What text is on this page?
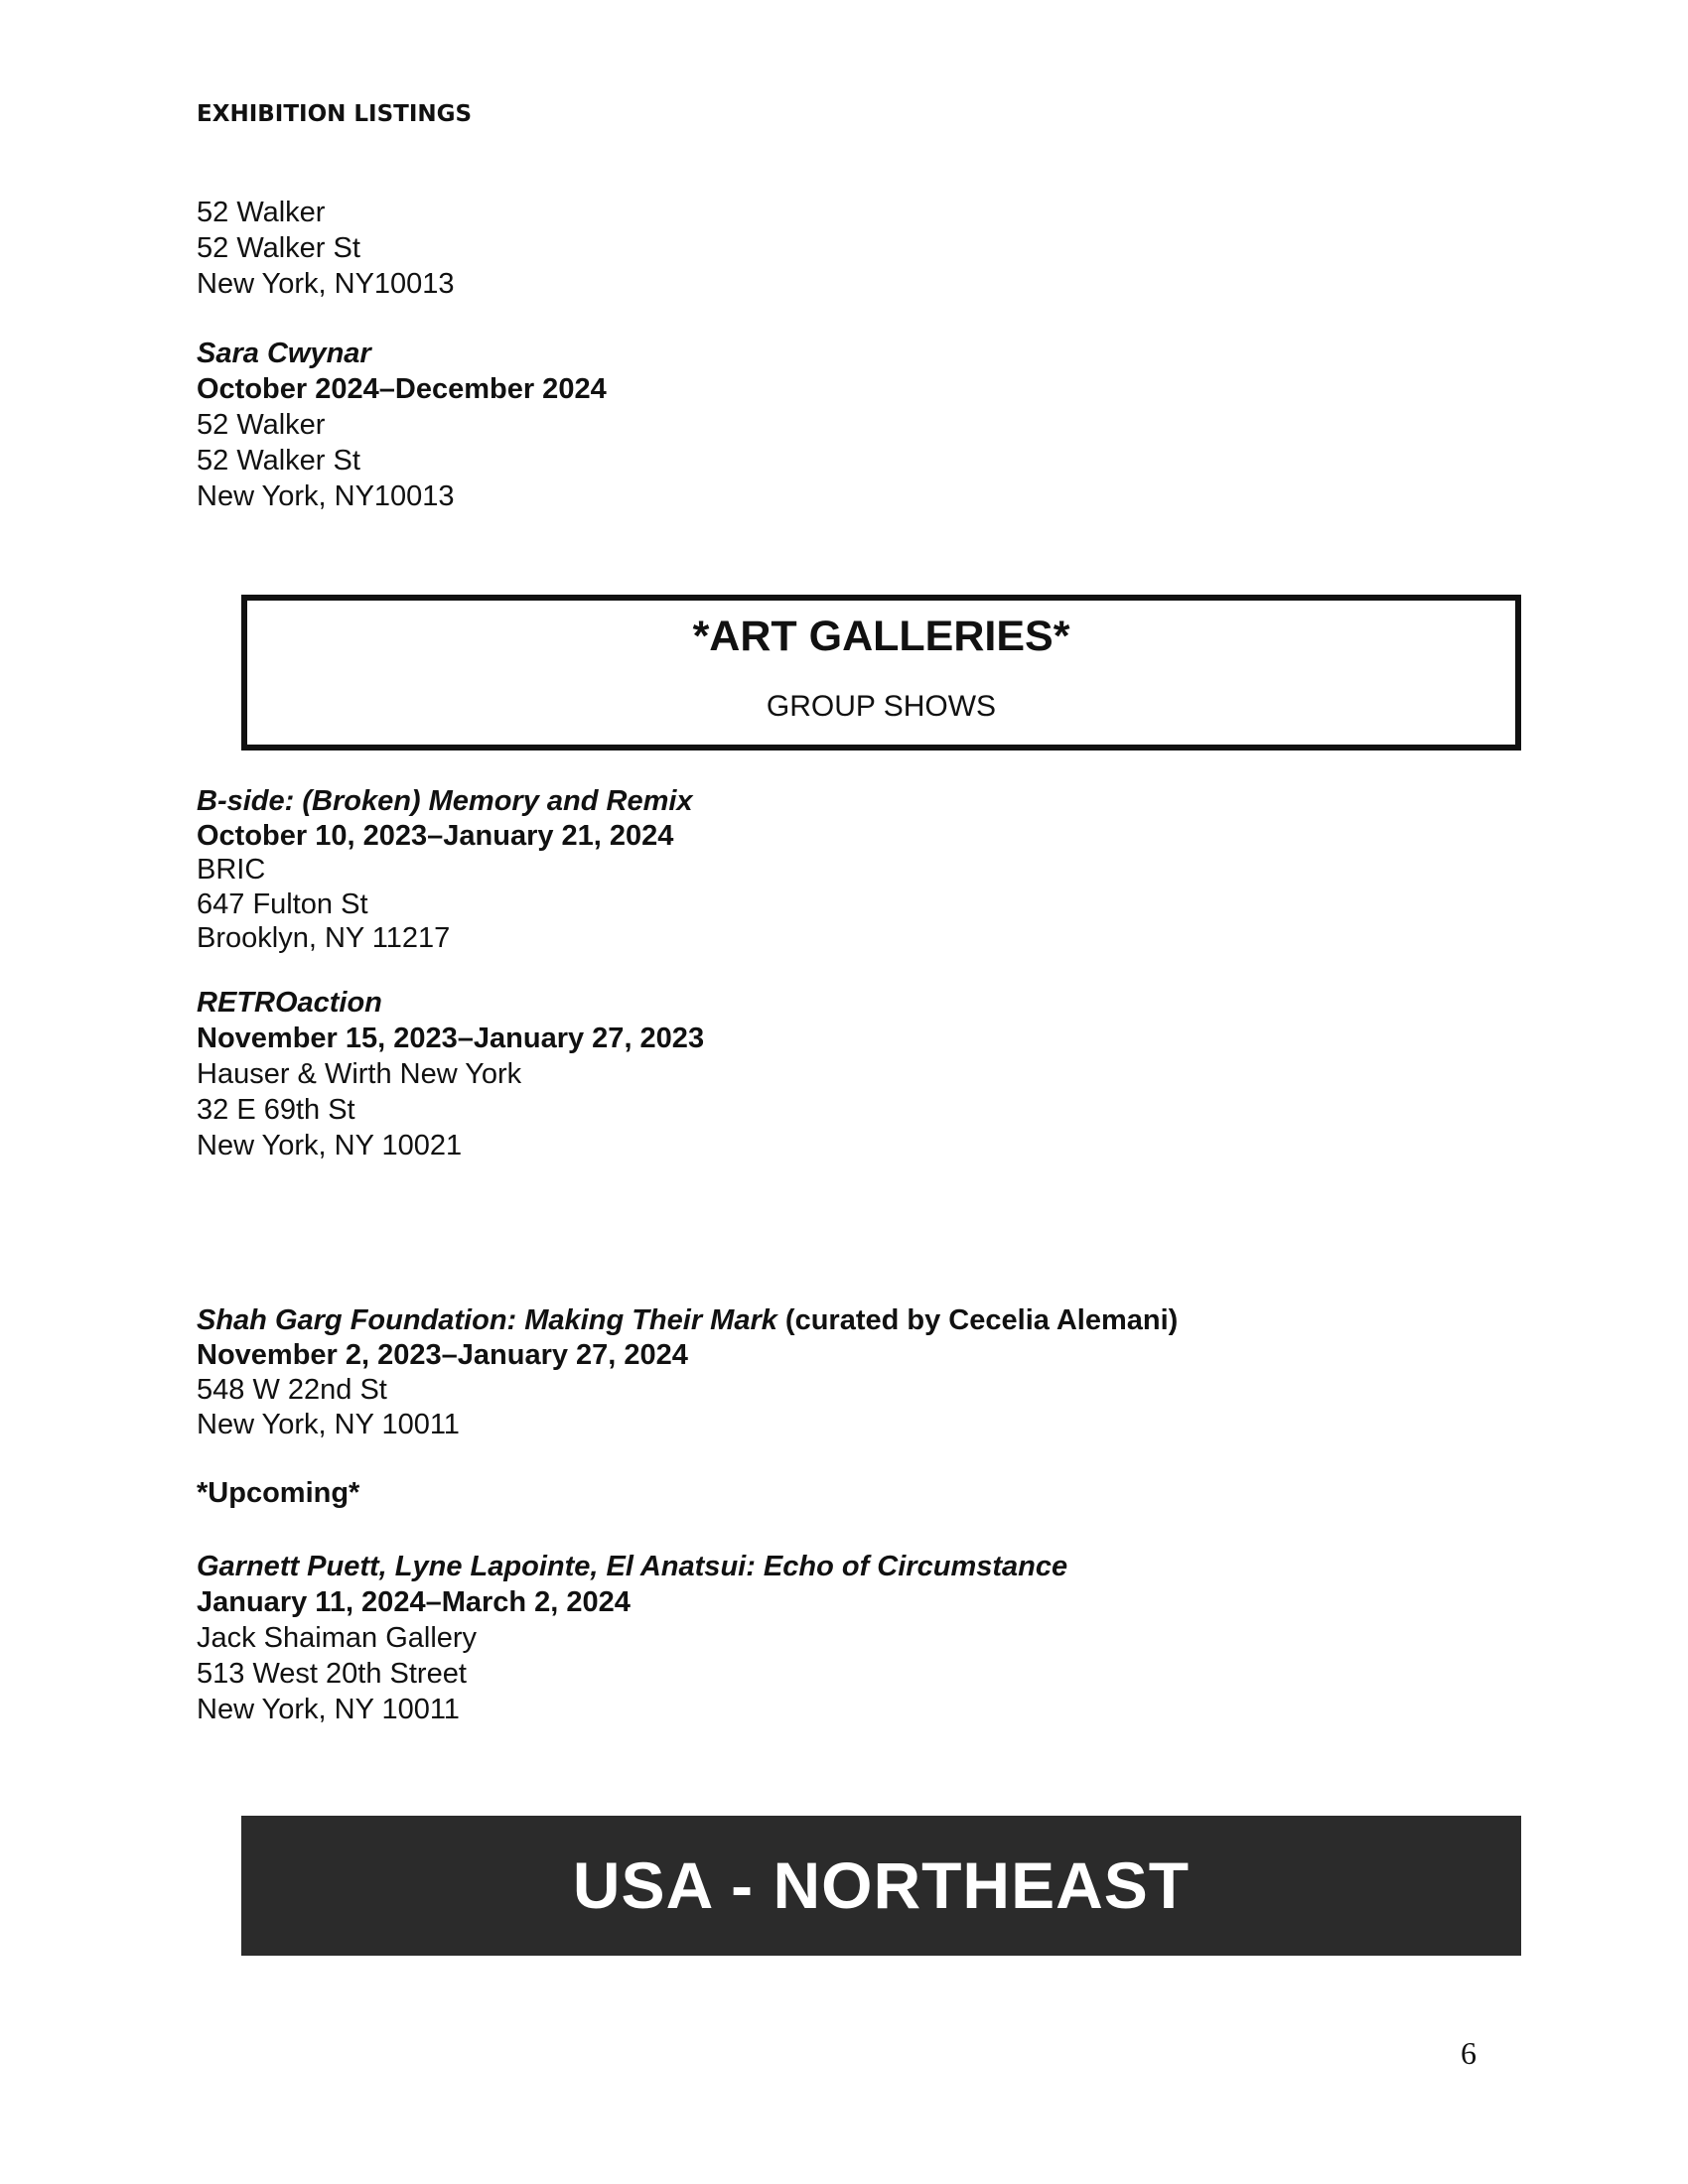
EXHIBITION LISTINGS
52 Walker
52 Walker St
New York, NY10013
Sara Cwynar
October 2024–December 2024
52 Walker
52 Walker St
New York, NY10013
*ART GALLERIES*
GROUP SHOWS
B-side: (Broken) Memory and Remix
October 10, 2023–January 21, 2024
BRIC
647 Fulton St
Brooklyn, NY 11217
RETROaction
November 15, 2023–January 27, 2023
Hauser & Wirth New York
32 E 69th St
New York, NY 10021
Shah Garg Foundation: Making Their Mark (curated by Cecelia Alemani)
November 2, 2023–January 27, 2024
548 W 22nd St
New York, NY 10011
*Upcoming*
Garnett Puett, Lyne Lapointe, El Anatsui: Echo of Circumstance
January 11, 2024–March 2, 2024
Jack Shaiman Gallery
513 West 20th Street
New York, NY 10011
USA - NORTHEAST
6
